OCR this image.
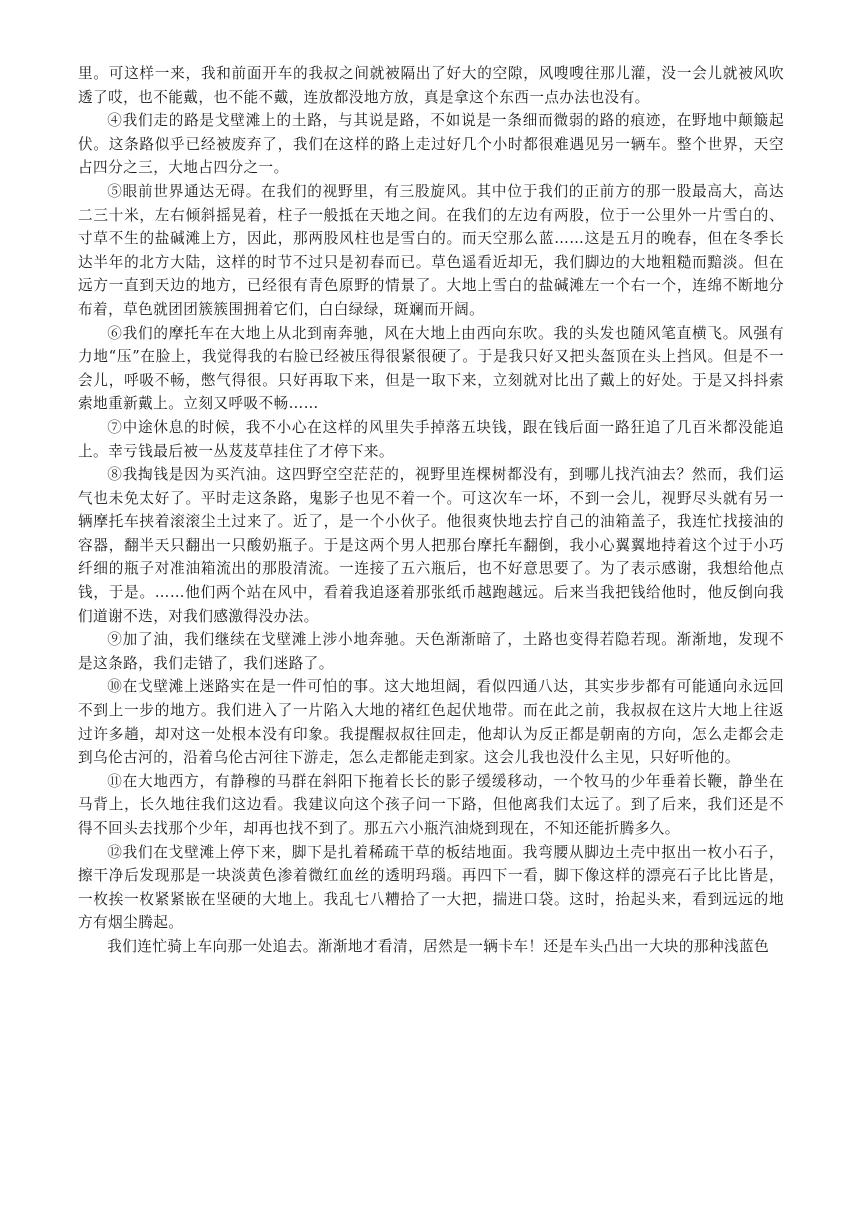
里。可这样一来，我和前面开车的我叔之间就被隔出了好大的空隙，风嗖嗖往那儿灌，没一会儿就被风吹透了哎，也不能戴，也不能不戴，连放都没地方放，真是拿这个东西一点办法也没有。

④我们走的路是戈壁滩上的土路，与其说是路，不如说是一条细而微弱的路的痕迹，在野地中颠簸起伏。这条路似乎已经被废弃了，我们在这样的路上走过好几个小时都很难遇见另一辆车。整个世界，天空占四分之三，大地占四分之一。

⑤眼前世界通达无碍。在我们的视野里，有三股旋风。其中位于我们的正前方的那一股最高大，高达二三十米，左右倾斜摇晃着，柱子一般抵在天地之间。在我们的左边有两股，位于一公里外一片雪白的、寸草不生的盐碱滩上方，因此，那两股风柱也是雪白的。而天空那么蓝……这是五月的晚春，但在冬季长达半年的北方大陆，这样的时节不过只是初春而已。草色遥看近却无，我们脚边的大地粗糙而黯淡。但在远方一直到天边的地方，已经很有青色原野的情景了。大地上雪白的盐碱滩左一个右一个，连绵不断地分布着，草色就团团簇簇围拥着它们，白白绿绿，斑斓而开阔。

⑥我们的摩托车在大地上从北到南奔驰，风在大地上由西向东吹。我的头发也随风笔直横飞。风强有力地“压”在脸上，我觉得我的右脸已经被压得很紧很硬了。于是我只好又把头盔顶在头上挡风。但是不一会儿，呼吸不畅，憋气得很。只好再取下来，但是一取下来，立刻就对比出了戴上的好处。于是又抖抖索索地重新戴上。立刻又呼吸不畅……

⑦中途休息的时候，我不小心在这样的风里失手掉落五块钱，跟在钱后面一路狂追了几百米都没能追上。幸亏钱最后被一丛芨芨草挂住了才停下来。

⑧我掏钱是因为买汽油。这四野空空茫茫的，视野里连棵树都没有，到哪儿找汽油去？然而，我们运气也未免太好了。平时走这条路，鬼影子也见不着一个。可这次车一坏，不到一会儿，视野尽头就有另一辆摩托车挟着滚滚尘土过来了。近了，是一个小伙子。他很爽快地去拧自己的油箱盖子，我连忙找接油的容器，翻半天只翻出一只酸奶瓶子。于是这两个男人把那台摩托车翻倒，我小心翼翼地持着这个过于小巧纤细的瓶子对准油箱流出的那股清流。一连接了五六瓶后，也不好意思要了。为了表示感谢，我想给他点钱，于是。……他们两个站在风中，看着我追逐着那张纸币越跑越远。后来当我把钱给他时，他反倒向我们道谢不迭，对我们感激得没办法。

⑨加了油，我们继续在戈壁滩上涉小地奔驰。天色渐渐暗了，土路也变得若隐若现。渐渐地，发现不是这条路，我们走错了，我们迷路了。

⑩在戈壁滩上迷路实在是一件可怕的事。这大地坦阔，看似四通八达，其实步步都有可能通向永远回不到上一步的地方。我们进入了一片陷入大地的褚红色起伏地带。而在此之前，我叔叔在这片大地上往返过许多趟，却对这一处根本没有印象。我提醒叔叔往回走，他却认为反正都是朝南的方向，怎么走都会走到乌伦古河的，沿着乌伦古河往下游走，怎么走都能走到家。这会儿我也没什么主见，只好听他的。

⑪在大地西方，有静穆的马群在斜阳下拖着长长的影子缓缓移动，一个牧马的少年垂着长鞭，静坐在马背上，长久地往我们这边看。我建议向这个孩子问一下路，但他离我们太远了。到了后来，我们还是不得不回头去找那个少年，却再也找不到了。那五六小瓶汽油烧到现在，不知还能折腾多久。

⑫我们在戈壁滩上停下来，脚下是扎着稀疏干草的板结地面。我弯腰从脚边土壳中抠出一枚小石子，擦干净后发现那是一块淡黄色渗着微红血丝的透明玛瑙。再四下一看，脚下像这样的漂亮石子比比皆是，一枚挨一枚紧紧嵌在坚硬的大地上。我乱七八糟拾了一大把，揣进口袋。这时，抬起头来，看到远远的地方有烟尘腾起。

我们连忙骑上车向那一处追去。渐渐地才看清，居然是一辆卡车！还是车头凸出一大块的那种浅蓝色
